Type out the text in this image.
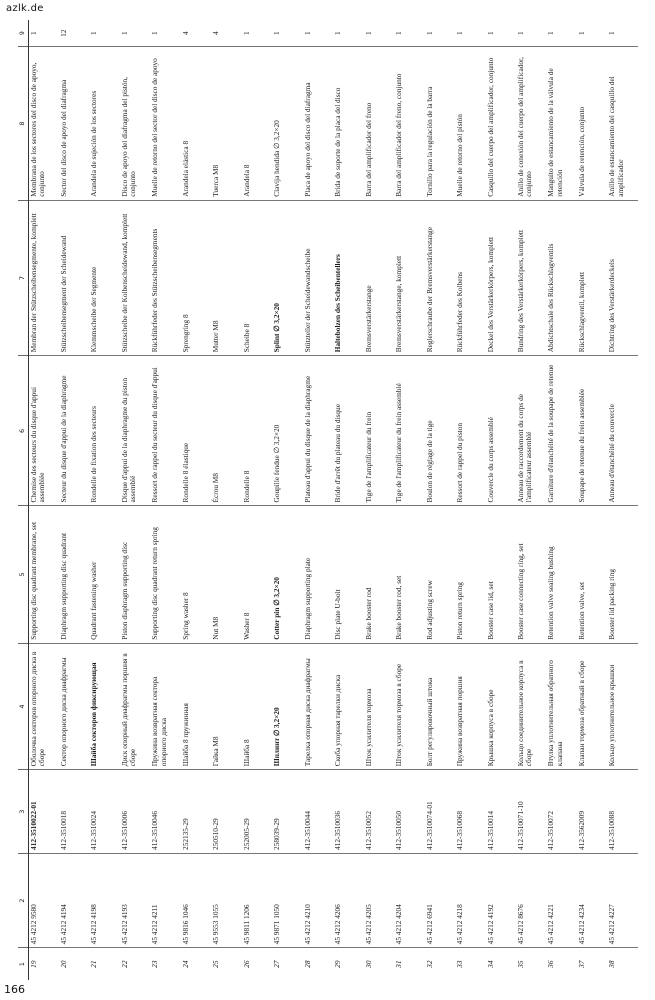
azlk.de
1	2	3	4	5	6	7	8	9
19	45 4212 9580	412-3510022-01	Оболочка секторов опорного диска в сборе	Supporting disc quadrant membrane, set	Chemise des secteurs du disque d'appui assemblée	Membran der Stützscheibensegmente, komplett	Membrana de los sectores del disco de apoyo, conjunto	1
20	45 4212 4194	412-3510018	Сектор опорного диска диафрагмы	Diaphragm supporting disc quadrant	Secteur du disque d'appui de la diaphragme	Stützscheibensegment der Scheidewand	Sector del disco de apoyo del diafragma	12
21	45 4212 4198	412-3510024	Шайба секторов фиксирующая	Quadrant fastening washer	Rondelle de fixation des secteurs	Klemmscheibe der Segmente	Arandela de sujeción de los sectores	1
22	45 4212 4193	412-3510006	Диск опорный диафрагмы поршня в сборе	Piston diaphragm supporting disc	Disque d'appui de la diaphragme du piston assemblé	Stützscheibe der Kolbenscheidewand, komplett	Disco de apoyo del diafragma del pistón, conjunto	1
23	45 4212 4211	412-3510046	Пружина возвратная сектора опорного диска	Supporting disc quadrant return spring	Ressort de rappel du secteur du disque d'appui	Rückführfeder des Stützscheibensegments	Muelle de retorno del sector del disco de apoyo	1
24	45 9816 1046	252135-29	Шайба 8 пружинная	Spring washer 8	Rondelle 8 élastique	Sprengring 8	Arandela elástica 8	4
25	45 9553 1055	250510-29	Гайка М8	Nut M8	Écrou M8	Mutter M8	Tuerca M8	4
26	45 9811 1206	252005-29	Шайба 8	Washer 8	Rondelle 8	Scheibe 8	Arandela 8	1
27	45 9871 1050	258039-29	Шплинт ∅ 3,2×20	Cotter pin ∅ 3,2×20	Goupille fendue ∅ 3,2×20	Splint ∅ 3,2×20	Clavija hendida ∅ 3,2×20	1
28	45 4212 4210	412-3510044	Тарелка опорная диска диафрагмы	Diaphragm supporting plate	Plateau d'appui du disque de la diaphragme	Stützteller der Scheidewandscheibe	Placa de apoyo del disco del diafragma	1
29	45 4212 4206	412-3510036	Скоба упорная тарелки диска	Disc plate U-bolt	Bride d'arrêt du plateau du disque	Haltebolzen des Scheibentellers	Brida de soporte de la placa del disco	1
30	45 4212 4205	412-3510052	Шток усилителя тормоза	Brake booster rod	Tige de l'amplificateur du frein	Bremsverstärkerstange	Barra del amplificador del freno	1
31	45 4212 4204	412-3510050	Шток усилителя тормоза в сборе	Brake booster rod, set	Tige de l'amplificateur du frein assemblé	Bremsverstärkerstange, komplett	Barra del amplificador del freno, conjunto	1
32	45 4212 6941	412-3510074-01	Болт регулировочный штока	Rod adjusting screw	Boulon de réglage de la tige	Reglerschraube der Bremsverstärkerstange	Tornillo para la regulación de la barra	1
33	45 4212 4218	412-3510068	Пружина возвратная поршня	Piston return spring	Ressort de rappel du piston	Rückführfeder des Kolbens	Muelle de retorno del pistón	1
34	45 4212 4192	412-3510014	Крышка корпуса в сборе	Booster case lid, set	Couvercle du corps assemblé	Deckel des Verstärkerkörpers, komplett	Casquillo del cuerpo del amplificador, conjunto	1
35	45 4212 8676	412-3510071-10	Кольцо соединительное корпуса в сборе	Booster case connecting ring, set	Anneau de raccordement du corps de l'amplificateur assemblé	Bundring des Verstärkerkörpers, komplett	Anillo de conexión del cuerpo del amplificador, conjunto	1
36	45 4212 4221	412-3510072	Втулка уплотнительная обратного клапана	Retention valve sealing bushing	Garniture d'étanchéité de la soupape de retenue	Abdichtschale des Rückschlagventils	Manguito de estancamiento de la válvula de retención	1
37	45 4212 4234	412-3562009	Клапан тормоза обратный в сборе	Retention valve, set	Soupape de retenue du frein assemblée	Rückschlagventil, komplett	Válvula de retención, conjunto	1
38	45 4212 4227	412-3510088	Кольцо уплотнительное крышки	Booster lid packing ring	Anneau d'étanchéité du couvercle	Dichtring des Verstärkerdeckels	Anillo de estancamiento del casquillo del amplificador	1
166
